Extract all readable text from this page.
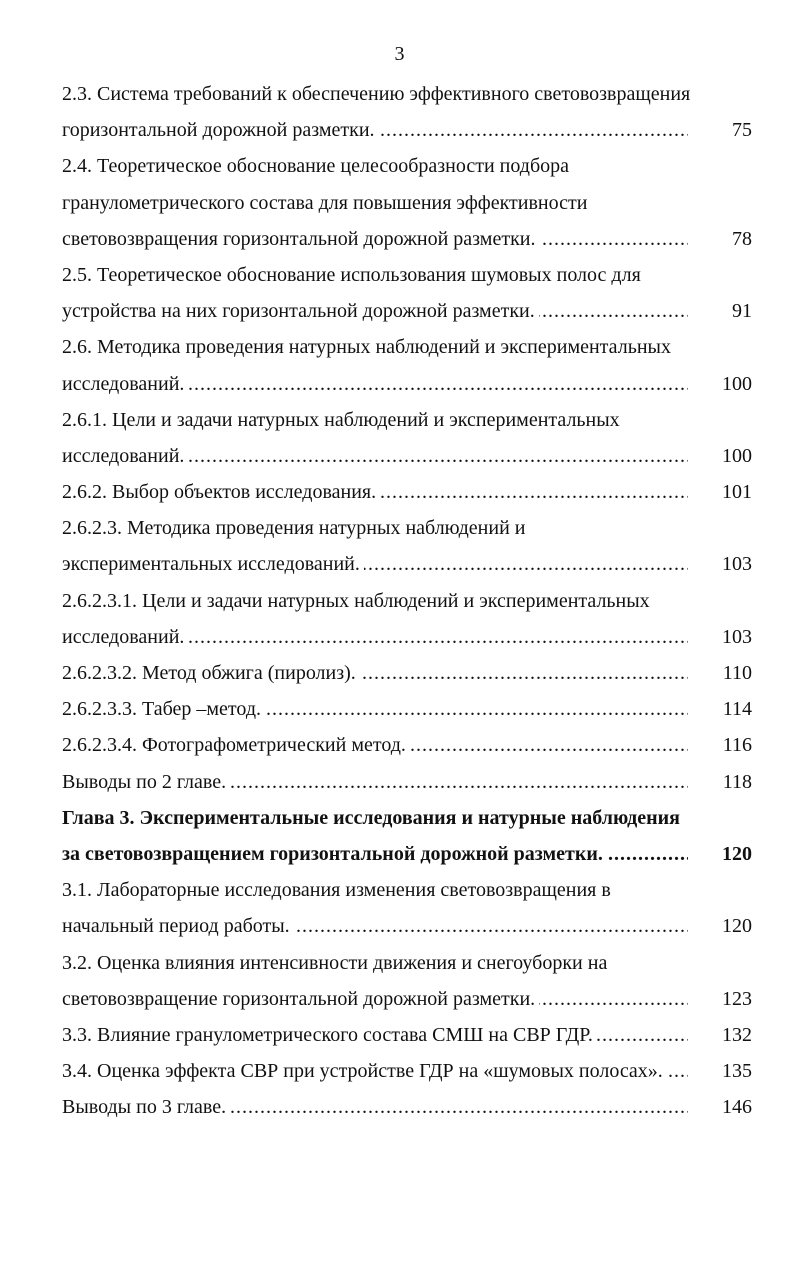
3
2.3. Система требований к обеспечению эффективного световозвращения
горизонтальной дорожной разметки. .....	75
2.4. Теоретическое обоснование целесообразности подбора
гранулометрического состава для повышения эффективности
световозвращения горизонтальной дорожной разметки. .....	78
2.5. Теоретическое обоснование использования шумовых полос для
устройства на них горизонтальной дорожной разметки. .....	91
2.6. Методика проведения натурных наблюдений и экспериментальных
исследований. .....	100
2.6.1. Цели и задачи натурных наблюдений и экспериментальных
исследований. .....	100
2.6.2. Выбор объектов исследования. .....	101
2.6.2.3. Методика проведения натурных наблюдений и
экспериментальных исследований. .....	103
2.6.2.3.1. Цели и задачи натурных наблюдений и экспериментальных
исследований. .....	103
2.6.2.3.2. Метод обжига (пиролиз). .....	110
2.6.2.3.3. Табер –метод. .....	114
2.6.2.3.4. Фотографометрический метод. .....	116
Выводы по 2 главе. .....	118
Глава 3. Экспериментальные исследования и натурные наблюдения
за световозвращением горизонтальной дорожной разметки. .....	120
3.1. Лабораторные исследования изменения световозвращения в
начальный период работы. .....	120
3.2. Оценка влияния интенсивности движения и снегоуборки на
световозвращение горизонтальной дорожной разметки. .....	123
3.3. Влияние гранулометрического состава СМШ на СВР ГДР. .....	132
3.4. Оценка эффекта СВР при устройстве ГДР на «шумовых полосах». .....	135
Выводы по 3 главе. .....	146
